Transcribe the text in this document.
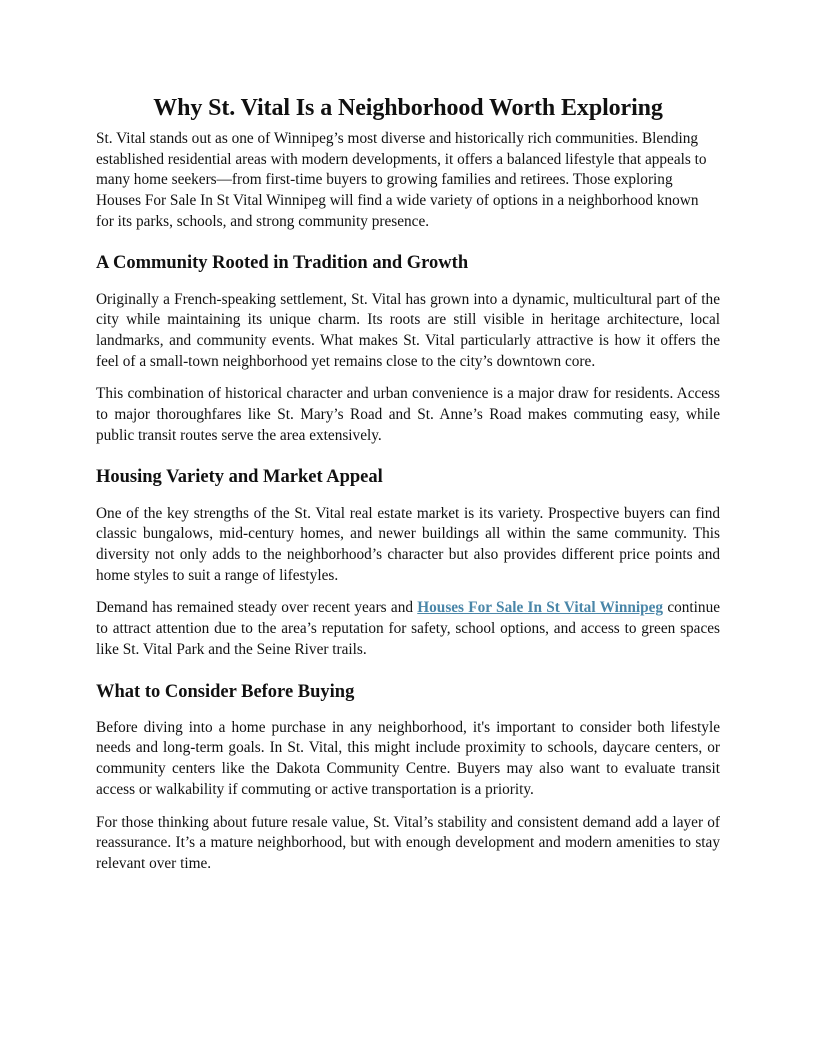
Why St. Vital Is a Neighborhood Worth Exploring

St. Vital stands out as one of Winnipeg’s most diverse and historically rich communities. Blending established residential areas with modern developments, it offers a balanced lifestyle that appeals to many home seekers—from first-time buyers to growing families and retirees. Those exploring Houses For Sale In St Vital Winnipeg will find a wide variety of options in a neighborhood known for its parks, schools, and strong community presence.

A Community Rooted in Tradition and Growth

Originally a French-speaking settlement, St. Vital has grown into a dynamic, multicultural part of the city while maintaining its unique charm. Its roots are still visible in heritage architecture, local landmarks, and community events. What makes St. Vital particularly attractive is how it offers the feel of a small-town neighborhood yet remains close to the city’s downtown core.

This combination of historical character and urban convenience is a major draw for residents. Access to major thoroughfares like St. Mary’s Road and St. Anne’s Road makes commuting easy, while public transit routes serve the area extensively.

Housing Variety and Market Appeal

One of the key strengths of the St. Vital real estate market is its variety. Prospective buyers can find classic bungalows, mid-century homes, and newer buildings all within the same community. This diversity not only adds to the neighborhood’s character but also provides different price points and home styles to suit a range of lifestyles.

Demand has remained steady over recent years and Houses For Sale In St Vital Winnipeg continue to attract attention due to the area’s reputation for safety, school options, and access to green spaces like St. Vital Park and the Seine River trails.

What to Consider Before Buying

Before diving into a home purchase in any neighborhood, it's important to consider both lifestyle needs and long-term goals. In St. Vital, this might include proximity to schools, daycare centers, or community centers like the Dakota Community Centre. Buyers may also want to evaluate transit access or walkability if commuting or active transportation is a priority.

For those thinking about future resale value, St. Vital’s stability and consistent demand add a layer of reassurance. It’s a mature neighborhood, but with enough development and modern amenities to stay relevant over time.
